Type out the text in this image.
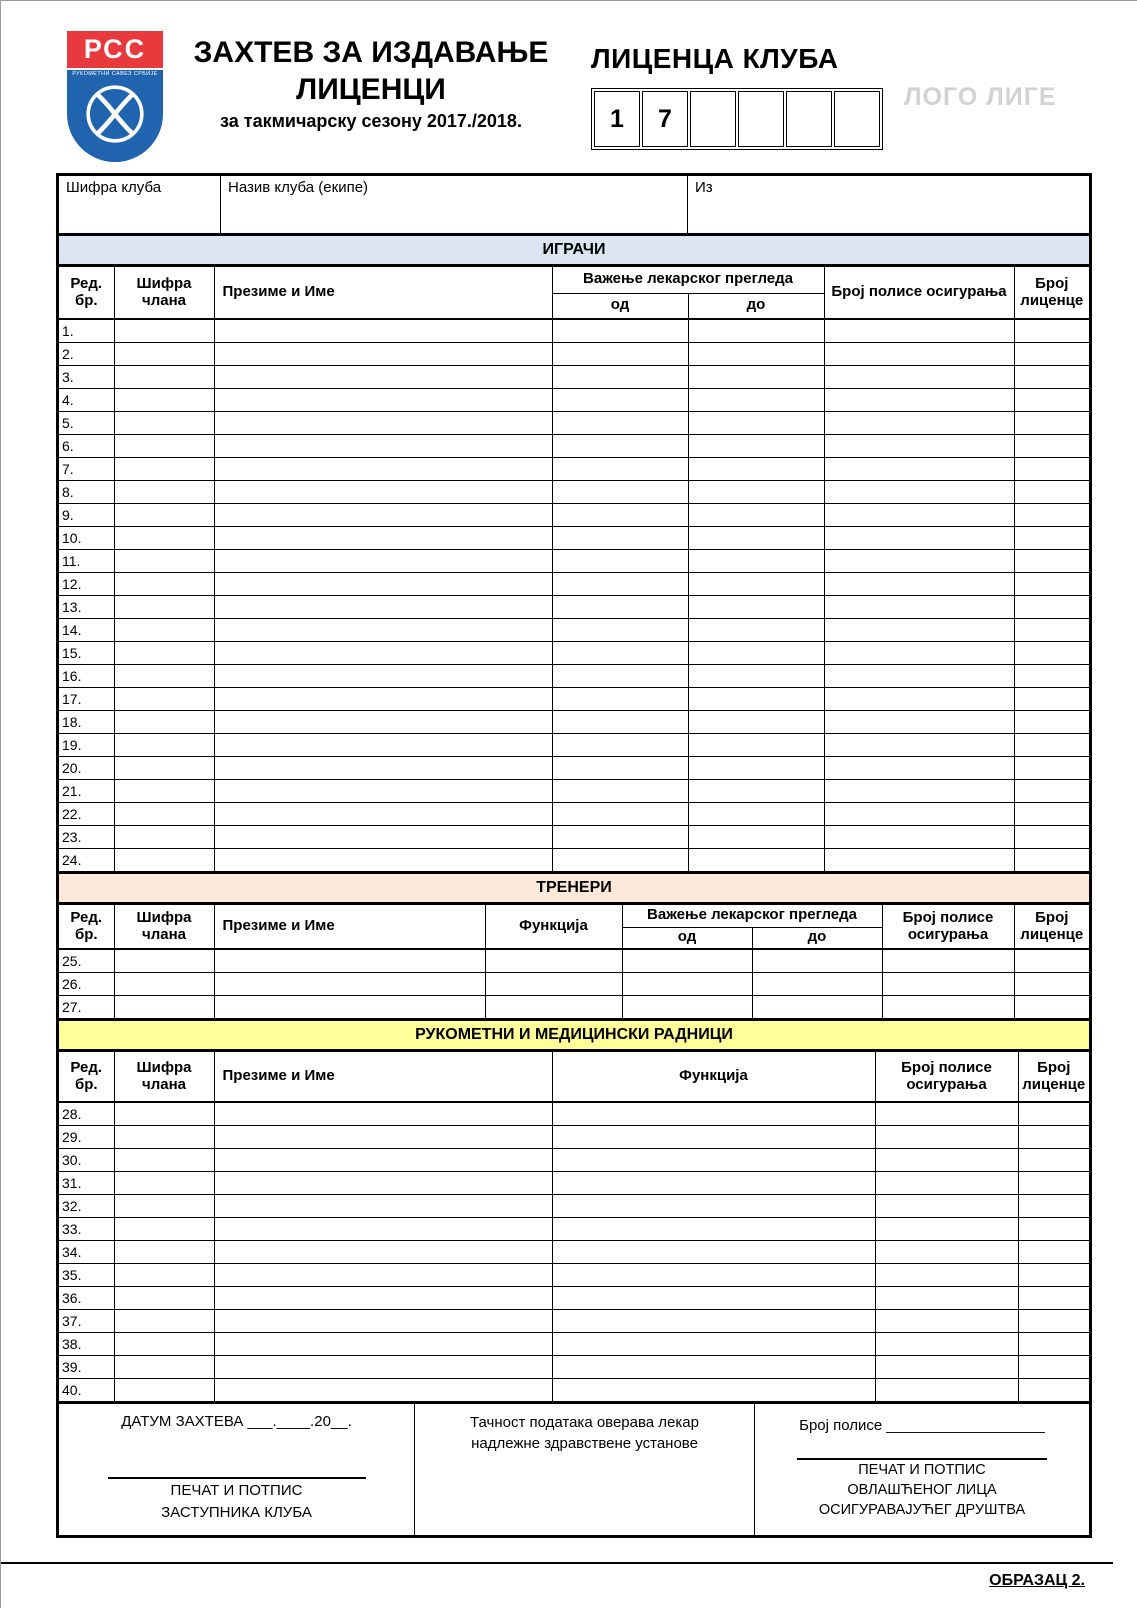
РСС
РУКОМЕТНИ САВЕЗ СРБИЈЕ
ЗАХТЕВ ЗА ИЗДАВАЊЕ
ЛИЦЕНЦИ
за такмичарску сезону 2017./2018.
ЛИЦЕНЦА КЛУБА
1	7
ЛОГО ЛИГЕ
Шифра клуба	Назив клуба (екипе)	Из
ИГРАЧИ
Ред. бр.	Шифра члана	Презиме и Име	Важење лекарског прегледа		Број полисе осигурања	Број лиценце
			од	до		
1.						
2.						
3.						
4.						
5.						
6.						
7.						
8.						
9.						
10.						
11.						
12.						
13.						
14.						
15.						
16.						
17.						
18.						
19.						
20.						
21.						
22.						
23.						
24.						
ТРЕНЕРИ
Ред. бр.	Шифра члана	Презиме и Име	Функција	Важење лекарског прегледа		Број полисе осигурања	Број лиценце
				од	до		
25.							
26.							
27.							
РУКОМЕТНИ И МЕДИЦИНСКИ РАДНИЦИ
Ред. бр.	Шифра члана	Презиме и Име	Функција	Број полисе осигурања	Број лиценце
28.					
29.					
30.					
31.					
32.					
33.					
34.					
35.					
36.					
37.					
38.					
39.					
40.					
ДАТУМ ЗАХТЕВА ___.____.20__.
ПЕЧАТ И ПОТПИС
ЗАСТУПНИКА КЛУБА
Тачност података оверава лекар
надлежне здравствене установе
Број полисе ___________________
ПЕЧАТ И ПОТПИС
ОВЛАШЋЕНОГ ЛИЦА
ОСИГУРАВАЈУЋЕГ ДРУШТВА
ОБРАЗАЦ 2.
